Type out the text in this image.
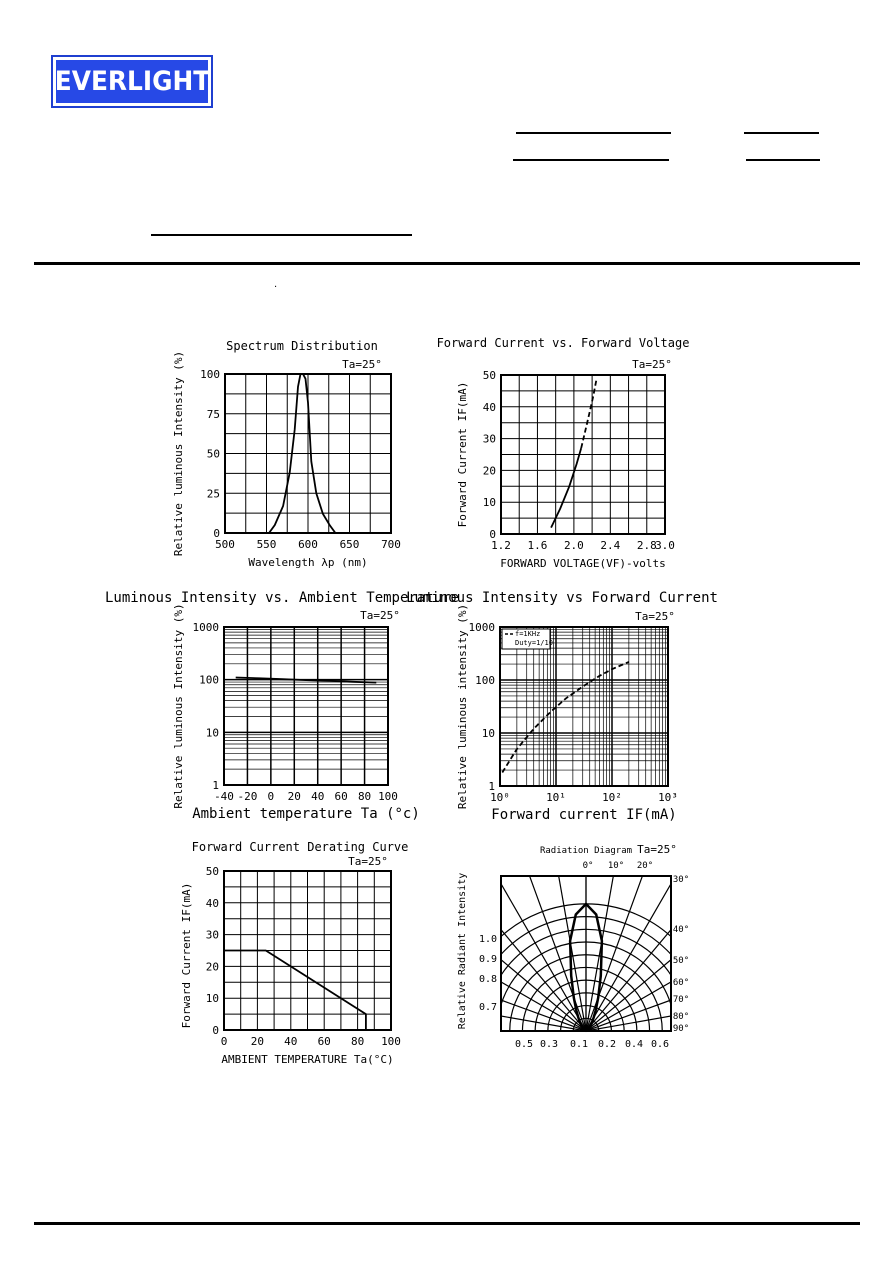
EVERLIGHT
·
500 550 600 650 700
0
25
50
75
100
Spectrum Distribution
Ta=25°
Wavelength λp (nm)
Relative luminous Intensity (%)	1.2 1.6 2.0 2.4 2.8
3.0
0
10
20
30
40
50
Forward Current vs. Forward Voltage
Ta=25°
FORWARD VOLTAGE(VF)-volts
Forward Current IF(mA)
-40 -20 0 20 40 60 80 100
1
10
100
1000
Luminous Intensity vs. Ambient Temperature
Ta=25°
Ambient temperature Ta (°c)
Relative luminous Intensity (%)	10⁰	10¹	10²	10³
1
10
100
1000
Luminous Intensity vs Forward Current
Ta=25°
Forward current IF(mA)
Relative luminous intensity (%)	f=1KHz
Duty=1/10
0 20 40 60 80 100
0
10
20
30
40
50
Forward Current Derating Curve
Ta=25°
AMBIENT TEMPERATURE Ta(°C)
Forward Current IF(mA)
Radiation Diagram Ta=25°
0° 10° 20°
30°
40°
50°
60°
70°
80°
90°
1.0
0.9
0.8
0.7
0.5 0.3 0.1 0.2 0.4 0.6
Relative Radiant Intensity
